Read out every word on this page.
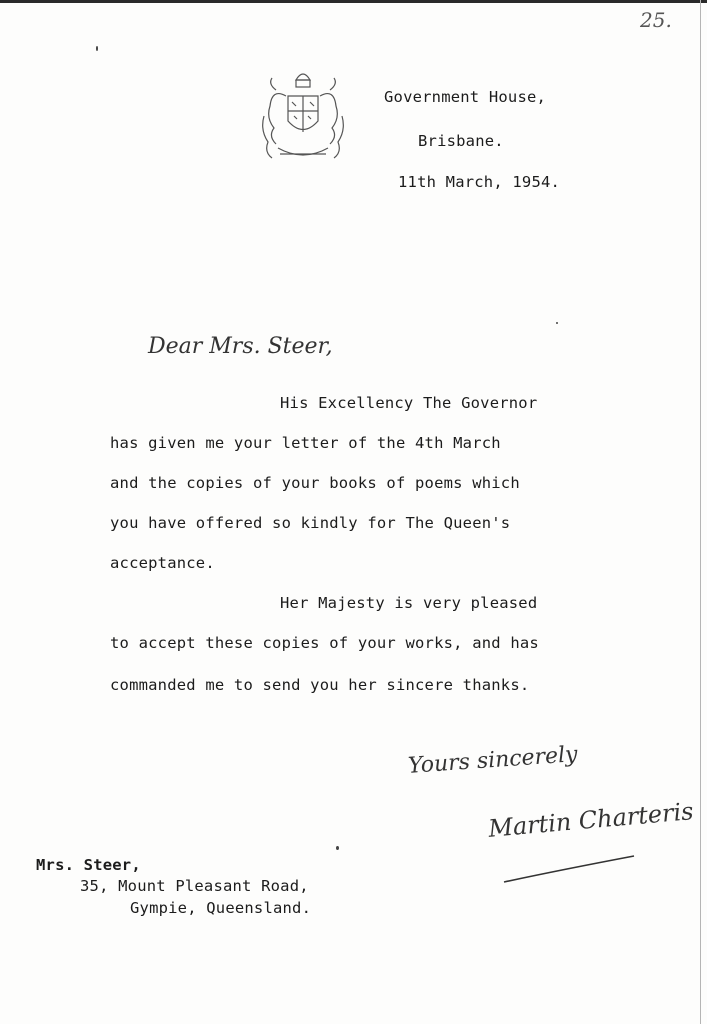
25.
Government House,
Brisbane.
11th March, 1954.
Dear Mrs. Steer,
His Excellency The Governor
has given me your letter of the 4th March
and the copies of your books of poems which
you have offered so kindly for The Queen's
acceptance.
Her Majesty is very pleased
to accept these copies of your works, and has
commanded me to send you her sincere thanks.
Yours sincerely
Martin Charteris
Mrs. Steer,
35, Mount Pleasant Road,
Gympie, Queensland.
